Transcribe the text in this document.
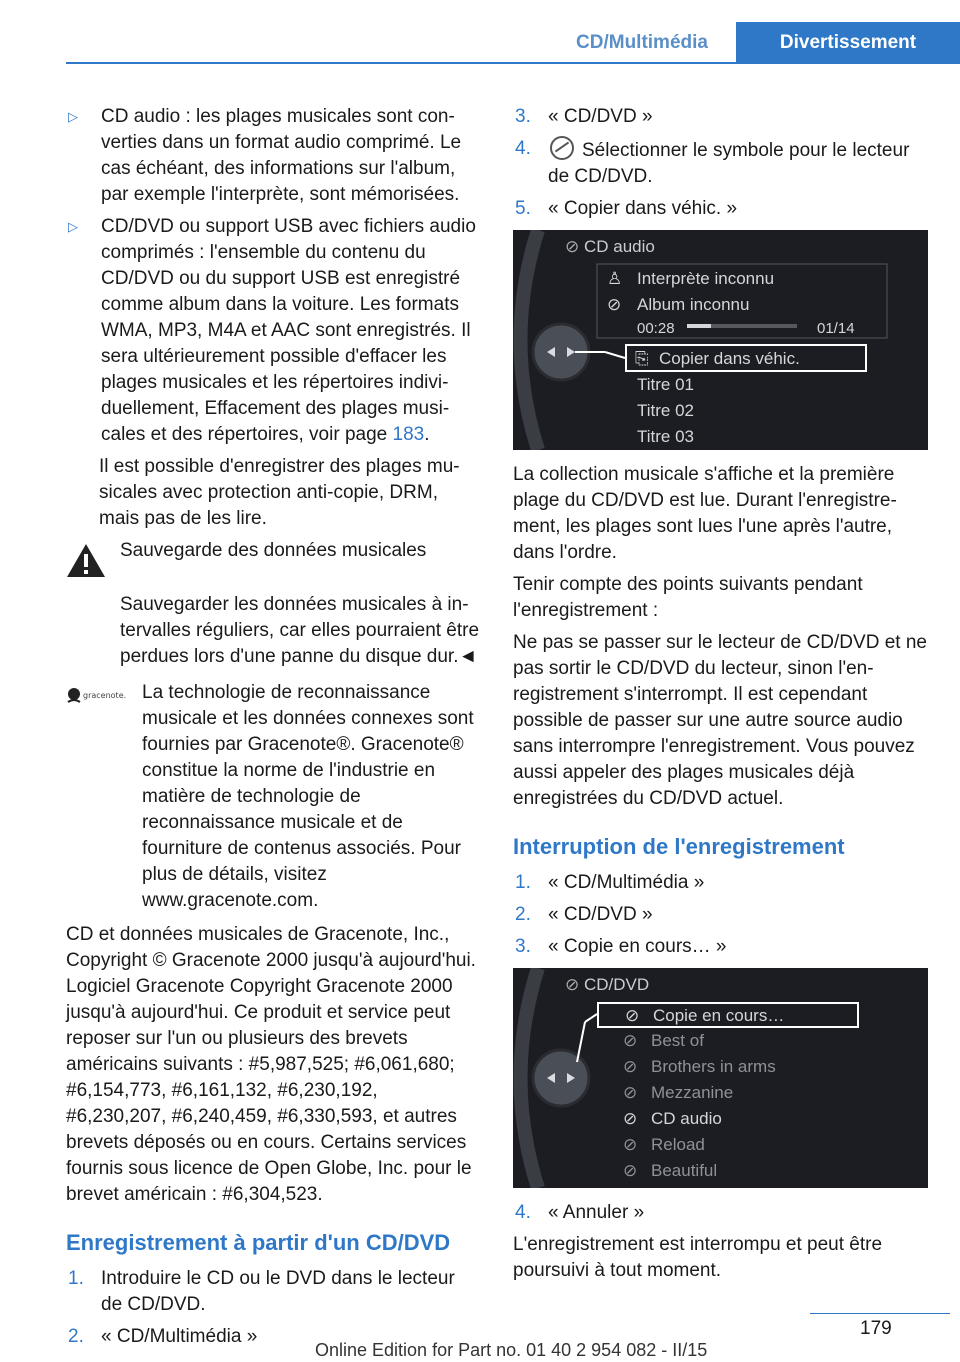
CD/Multimédia	Divertissement
▷	CD audio : les plages musicales sont converties dans un format audio comprimé. Le cas échéant, des informations sur l'album, par exemple l'interprète, sont mémorisées.
▷	CD/DVD ou support USB avec fichiers audio comprimés : l'ensemble du contenu du CD/DVD ou du support USB est enregistré comme album dans la voiture. Les formats WMA, MP3, M4A et AAC sont enregistrés. Il sera ultérieurement possible d'effacer les plages musicales et les répertoires individuellement, Effacement des plages musicales et des répertoires, voir page 183.

Il est possible d'enregistrer des plages musicales avec protection anti-copie, DRM, mais pas de les lire.

Sauvegarde des données musicales

Sauvegarder les données musicales à intervalles réguliers, car elles pourraient être perdues lors d'une panne du disque dur.◄

gracenote. La technologie de reconnaissance musicale et les données connexes sont fournies par Gracenote®. Gracenote® constitue la norme de l'industrie en matière de technologie de reconnaissance musicale et de fourniture de contenus associés. Pour plus de détails, visitez www.gracenote.com.

CD et données musicales de Gracenote, Inc., Copyright © Gracenote 2000 jusqu'à aujourd'hui. Logiciel Gracenote Copyright Gracenote 2000 jusqu'à aujourd'hui. Ce produit et service peut reposer sur l'un ou plusieurs des brevets américains suivants : #5,987,525; #6,061,680; #6,154,773, #6,161,132, #6,230,192, #6,230,207, #6,240,459, #6,330,593, et autres brevets déposés ou en cours. Certains services fournis sous licence de Open Globe, Inc. pour le brevet américain : #6,304,523.

Enregistrement à partir d'un CD/DVD
1. Introduire le CD ou le DVD dans le lecteur de CD/DVD.
2. « CD/Multimédia »
3. « CD/DVD »
4.	Sélectionner le symbole pour le lecteur de CD/DVD.
5. « Copier dans véhic. »
⊘ CD audio
♙
⊘
Interprète inconnu
Album inconnu
00:28	01/14
⎘ Copier dans véhic.
Titre 01
Titre 02
Titre 03

La collection musicale s'affiche et la première plage du CD/DVD est lue. Durant l'enregistrement, les plages sont lues l'une après l'autre, dans l'ordre.

Tenir compte des points suivants pendant l'enregistrement :

Ne pas se passer sur le lecteur de CD/DVD et ne pas sortir le CD/DVD du lecteur, sinon l'enregistrement s'interrompt. Il est cependant possible de passer sur une autre source audio sans interrompre l'enregistrement. Vous pouvez aussi appeler des plages musicales déjà enregistrées du CD/DVD actuel.

Interruption de l'enregistrement
1. « CD/Multimédia »
2. « CD/DVD »
3. « Copie en cours… »
⊘ CD/DVD
⊘ Copie en cours…
⊘ Best of
⊘ Brothers in arms
⊘ Mezzanine
⊘ CD audio
⊘ Reload
⊘ Beautiful
4. « Annuler »

L'enregistrement est interrompu et peut être poursuivi à tout moment.

179
Online Edition for Part no. 01 40 2 954 082 - II/15
